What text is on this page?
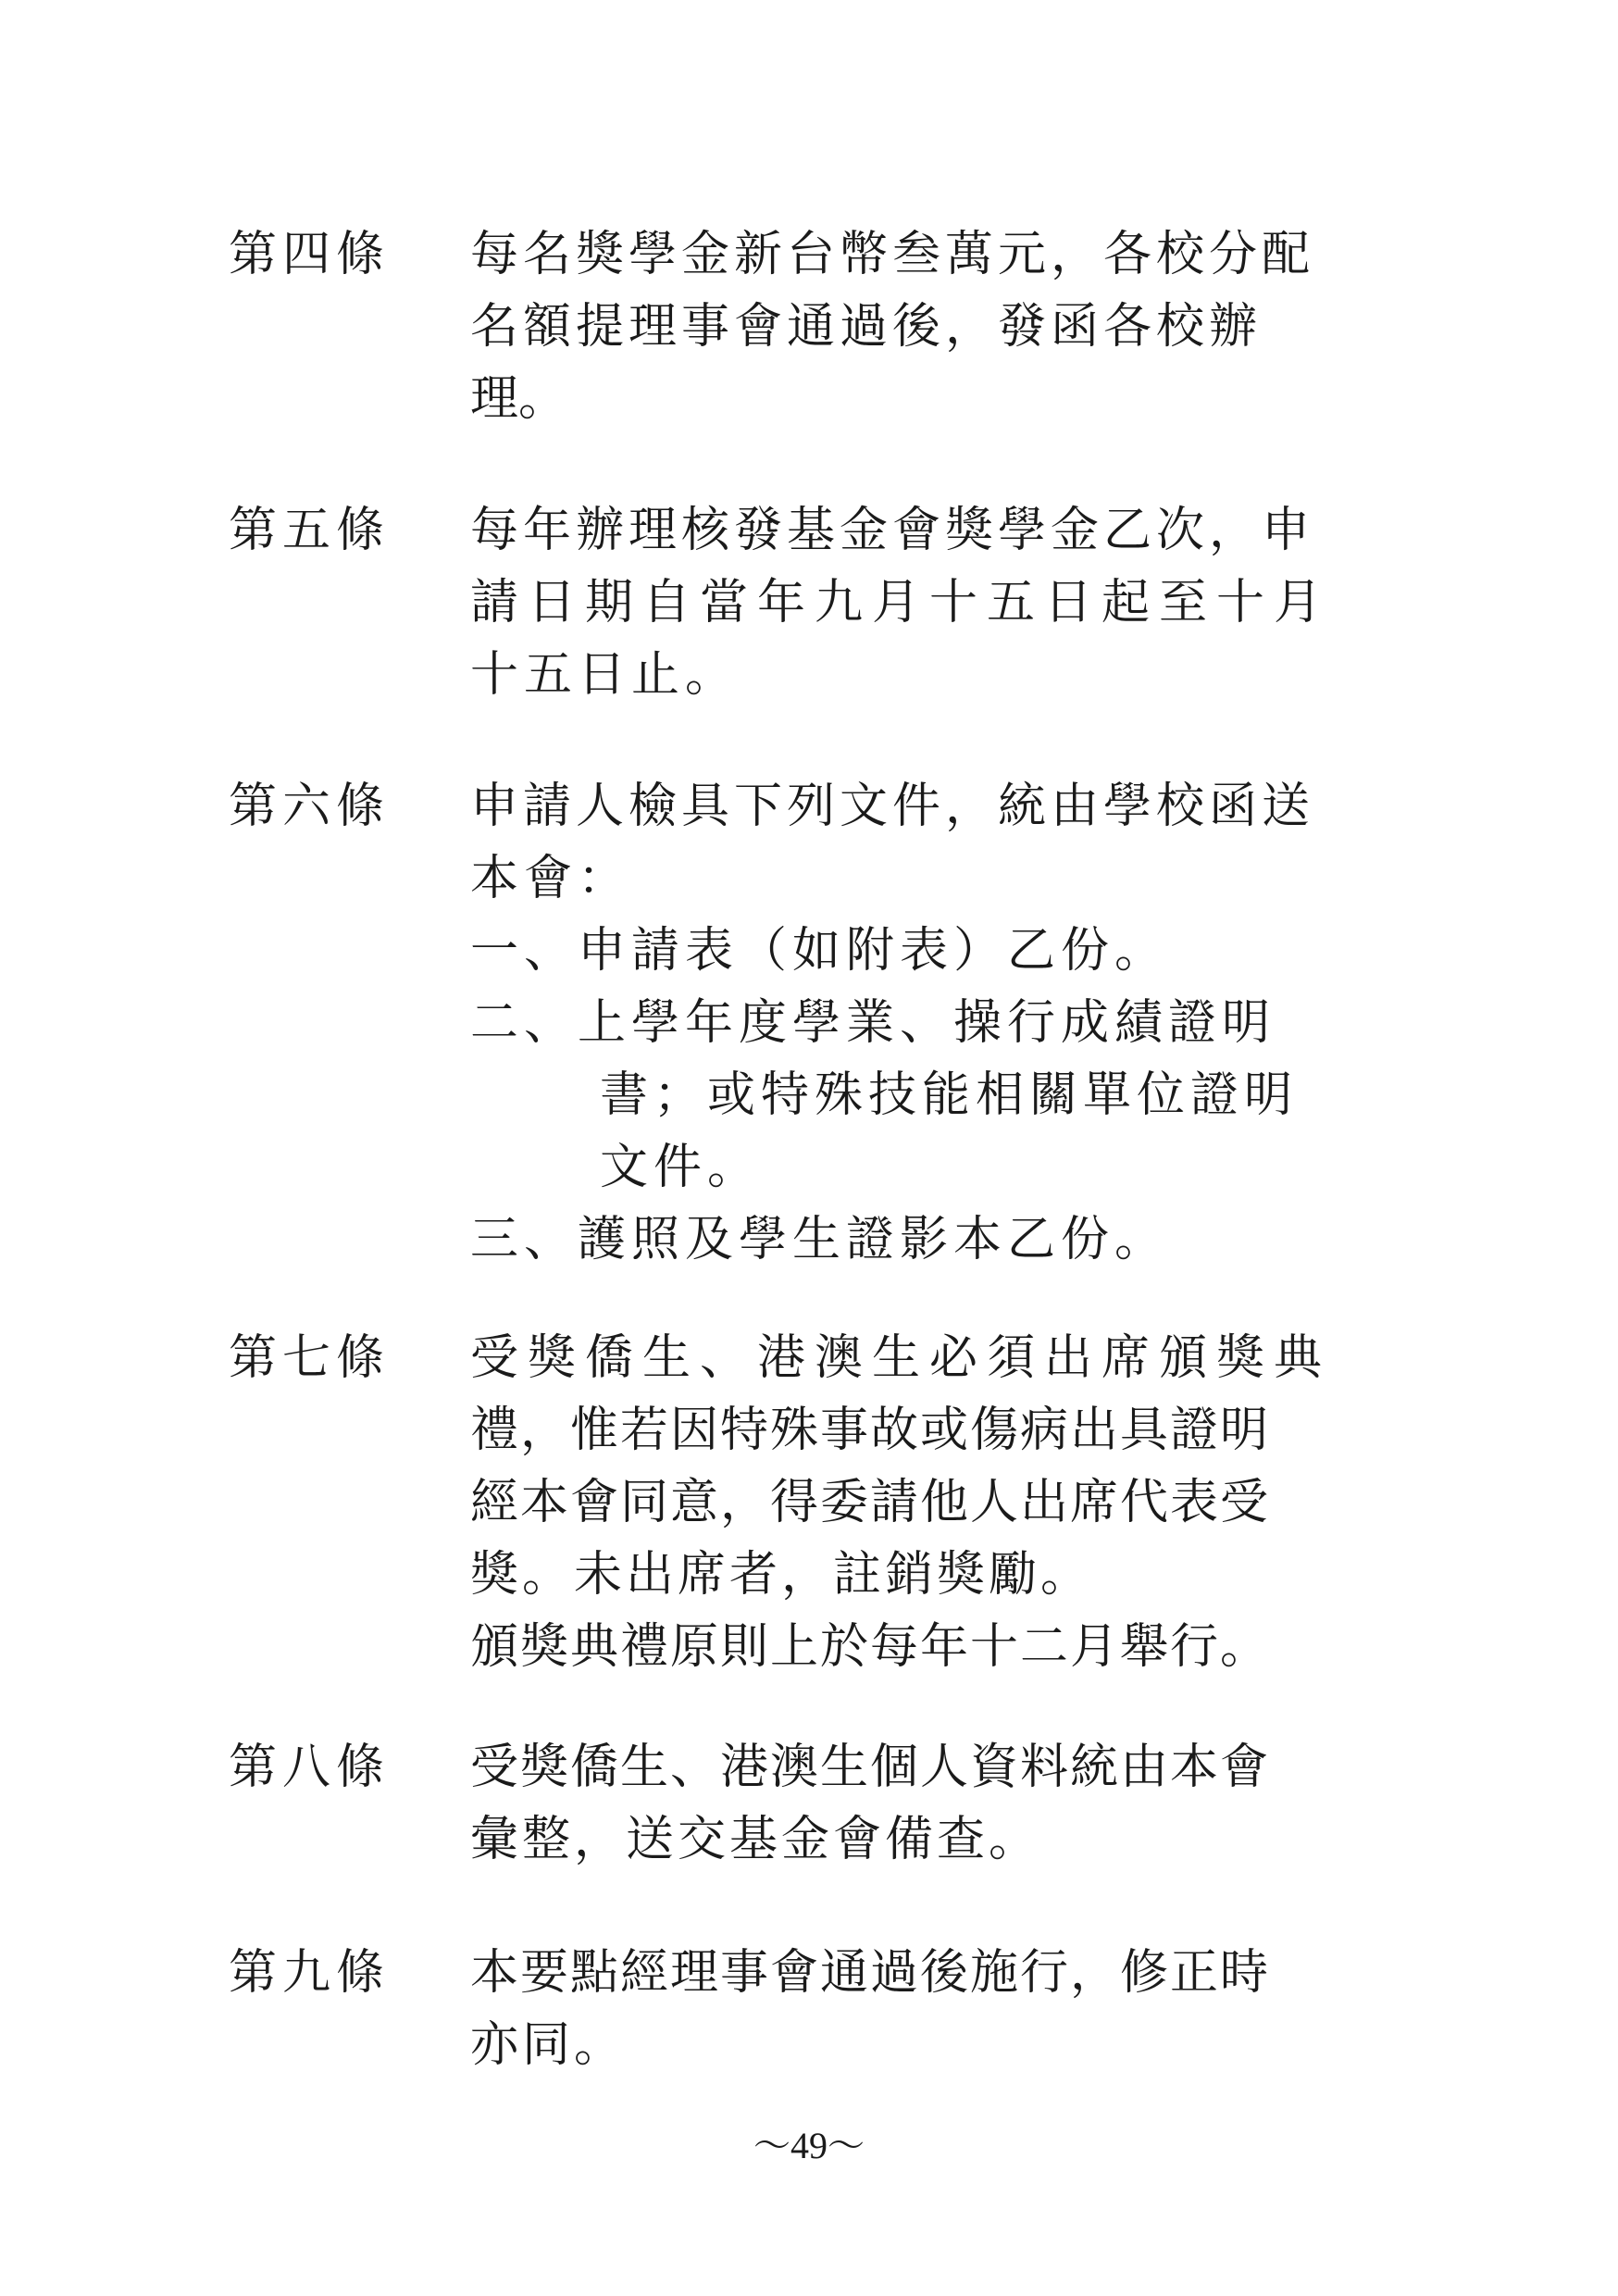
第四條 每名獎學金新台幣叁萬元，各校分配
名額提理事會通過後，發函各校辦
理。
第五條 每年辦理核發基金會獎學金乙次，申
請日期自當年九月十五日起至十月
十五日止。
第六條 申請人檢具下列文件，統由學校函送
本會：
一、申請表（如附表）乙份。
二、上學年度學業、操行成績證明
書；或特殊技能相關單位證明
文件。
三、護照及學生證影本乙份。
第七條 受獎僑生、港澳生必須出席頒獎典
禮，惟若因特殊事故或傷病出具證明
經本會同意，得委請他人出席代表受
獎。未出席者，註銷獎勵。
頒獎典禮原則上於每年十二月舉行。
第八條 受獎僑生、港澳生個人資料統由本會
彙整，送交基金會備查。
第九條 本要點經理事會通過後施行，修正時
亦同。
～49～
